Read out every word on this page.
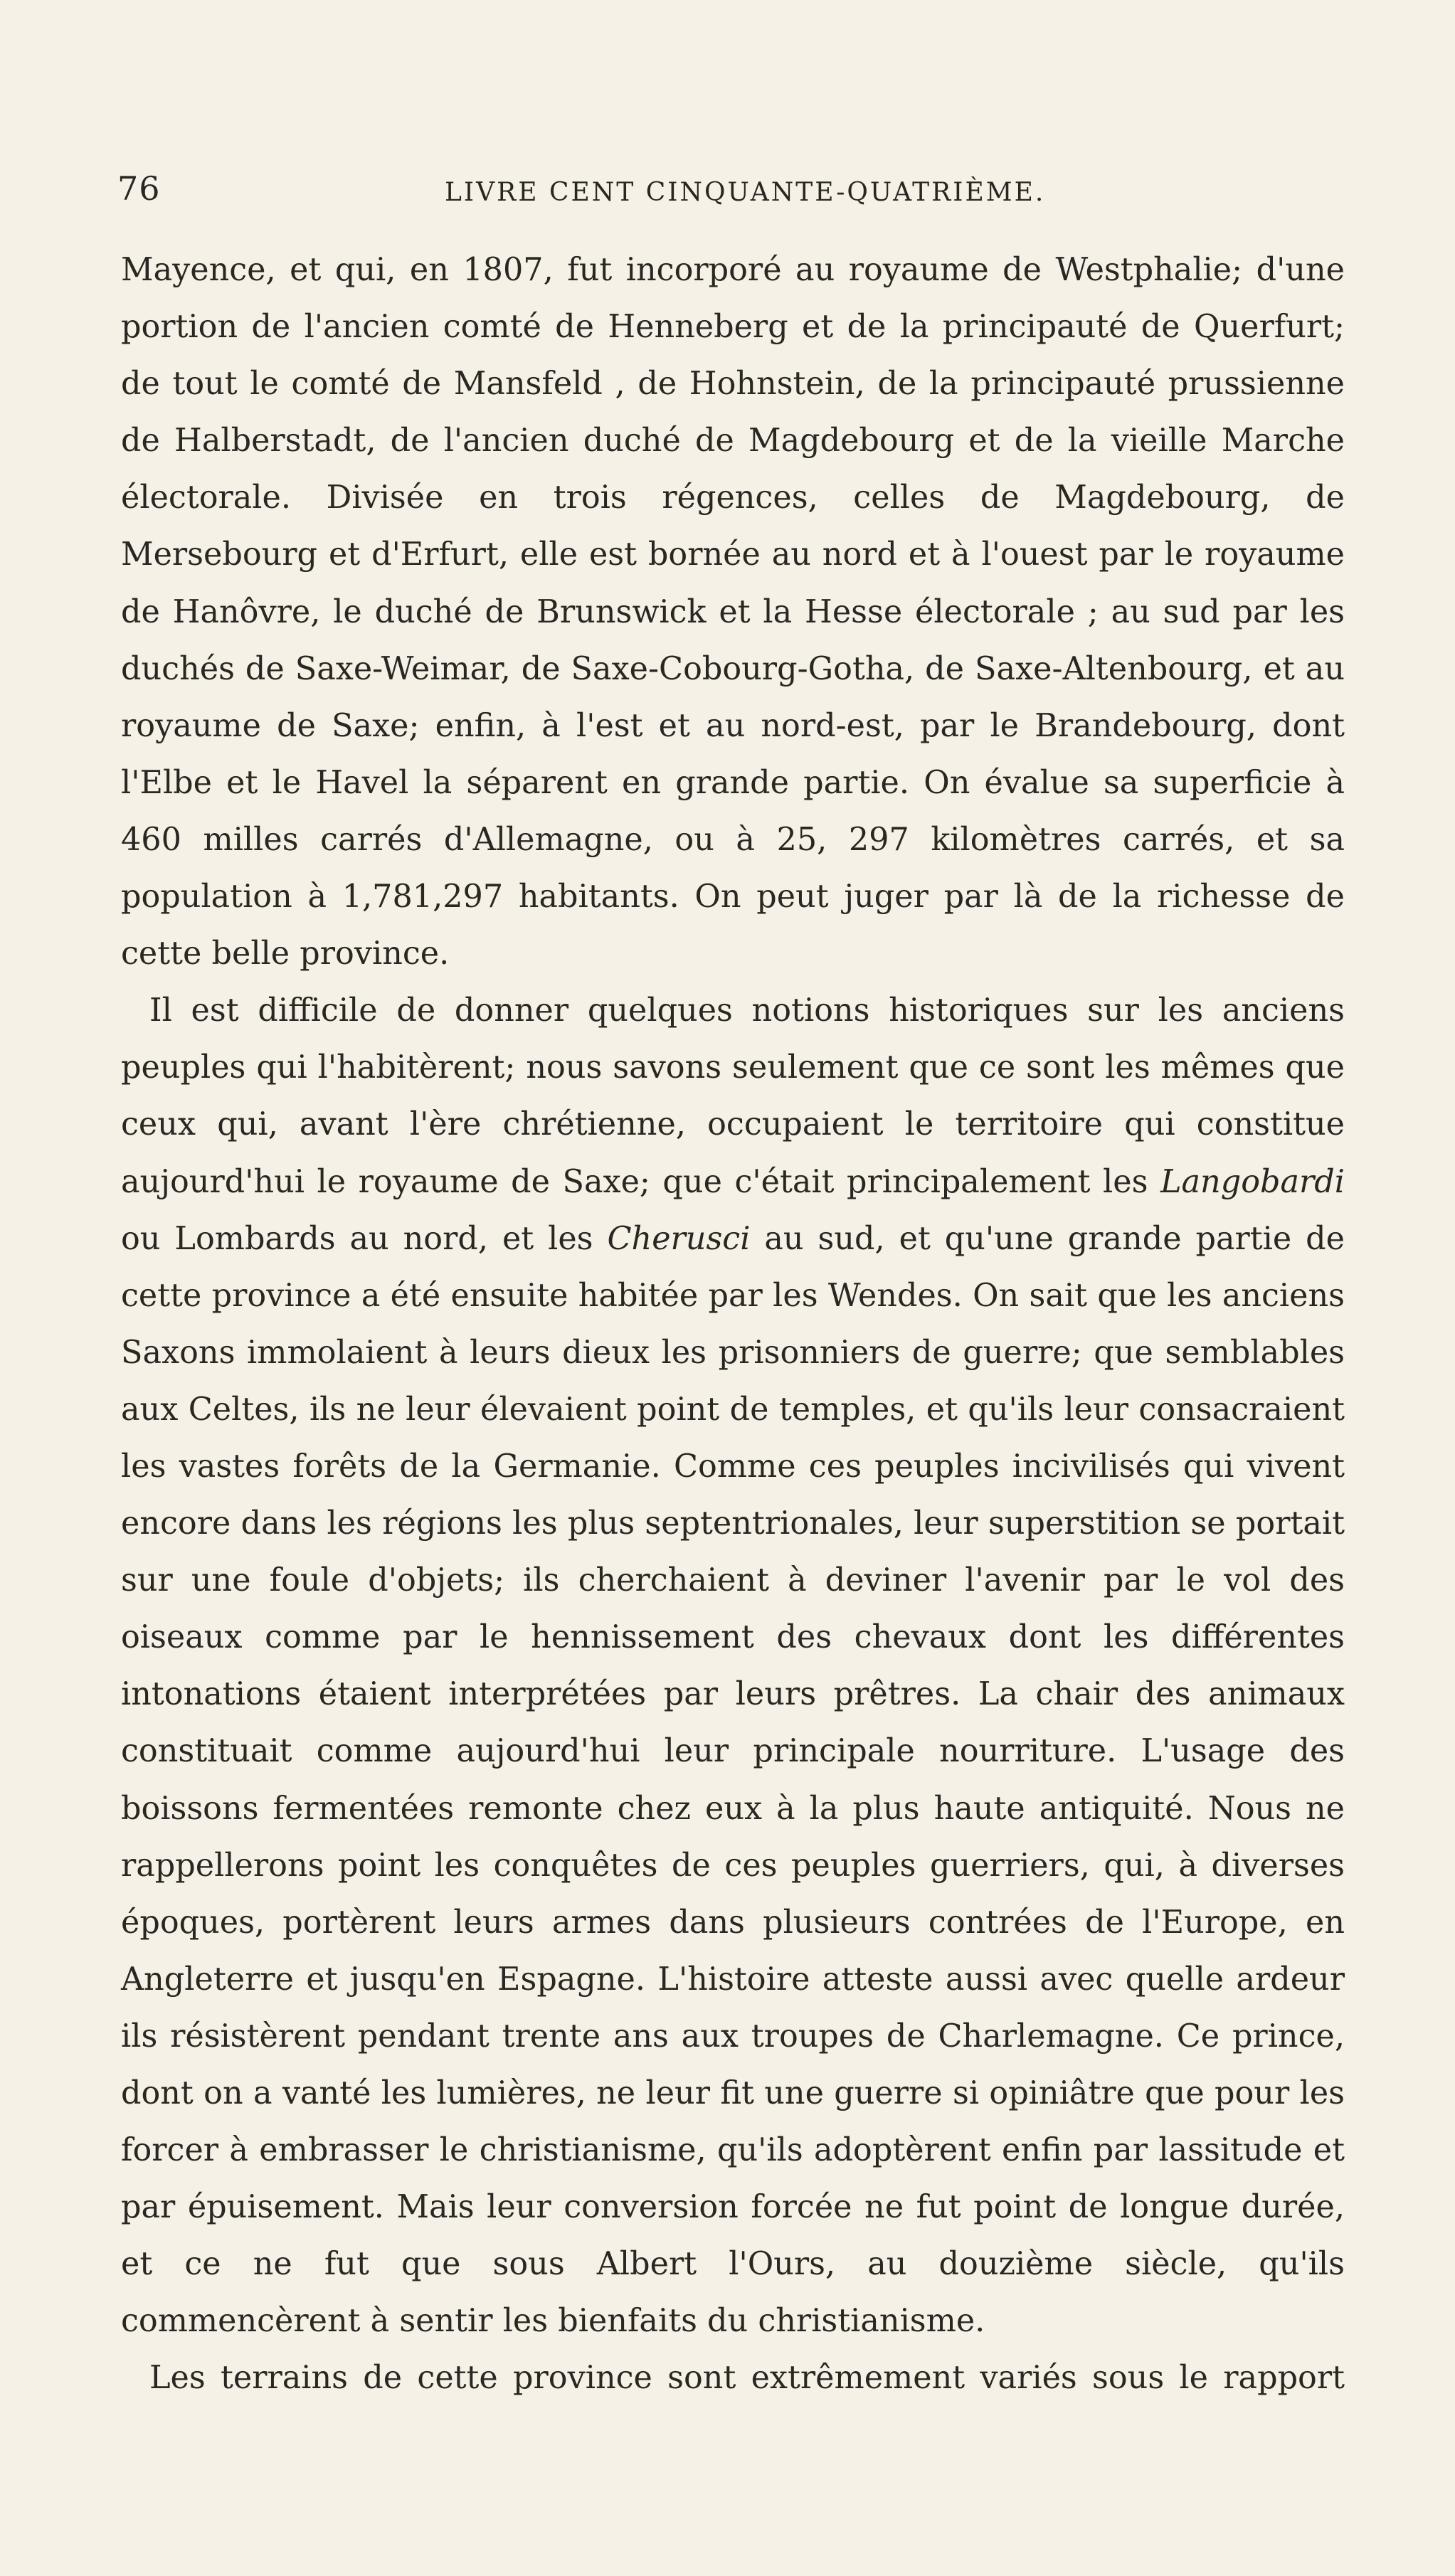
76	LIVRE CENT CINQUANTE-QUATRIÈME.

Mayence, et qui, en 1807, fut incorporé au royaume de Westphalie; d'une portion de l'ancien comté de Henneberg et de la principauté de Querfurt; de tout le comté de Mansfeld , de Hohnstein, de la principauté prussienne de Halberstadt, de l'ancien duché de Magdebourg et de la vieille Marche électorale. Divisée en trois régences, celles de Magdebourg, de Mersebourg et d'Erfurt, elle est bornée au nord et à l'ouest par le royaume de Hanôvre, le duché de Brunswick et la Hesse électorale ; au sud par les duchés de Saxe-Weimar, de Saxe-Cobourg-Gotha, de Saxe-Altenbourg, et au royaume de Saxe; enfin, à l'est et au nord-est, par le Brandebourg, dont l'Elbe et le Havel la séparent en grande partie. On évalue sa superficie à 460 milles carrés d'Allemagne, ou à 25, 297 kilomètres carrés, et sa population à 1,781,297 habitants. On peut juger par là de la richesse de cette belle province.

Il est difficile de donner quelques notions historiques sur les anciens peuples qui l'habitèrent; nous savons seulement que ce sont les mêmes que ceux qui, avant l'ère chrétienne, occupaient le territoire qui constitue aujourd'hui le royaume de Saxe; que c'était principalement les Langobardi ou Lombards au nord, et les Cherusci au sud, et qu'une grande partie de cette province a été ensuite habitée par les Wendes. On sait que les anciens Saxons immolaient à leurs dieux les prisonniers de guerre; que semblables aux Celtes, ils ne leur élevaient point de temples, et qu'ils leur consacraient les vastes forêts de la Germanie. Comme ces peuples incivilisés qui vivent encore dans les régions les plus septentrionales, leur superstition se portait sur une foule d'objets; ils cherchaient à deviner l'avenir par le vol des oiseaux comme par le hennissement des chevaux dont les différentes intonations étaient interprétées par leurs prêtres. La chair des animaux constituait comme aujourd'hui leur principale nourriture. L'usage des boissons fermentées remonte chez eux à la plus haute antiquité. Nous ne rappellerons point les conquêtes de ces peuples guerriers, qui, à diverses époques, portèrent leurs armes dans plusieurs contrées de l'Europe, en Angleterre et jusqu'en Espagne. L'histoire atteste aussi avec quelle ardeur ils résistèrent pendant trente ans aux troupes de Charlemagne. Ce prince, dont on a vanté les lumières, ne leur fit une guerre si opiniâtre que pour les forcer à embrasser le christianisme, qu'ils adoptèrent enfin par lassitude et par épuisement. Mais leur conversion forcée ne fut point de longue durée, et ce ne fut que sous Albert l'Ours, au douzième siècle, qu'ils commencèrent à sentir les bienfaits du christianisme.

Les terrains de cette province sont extrêmement variés sous le rapport
